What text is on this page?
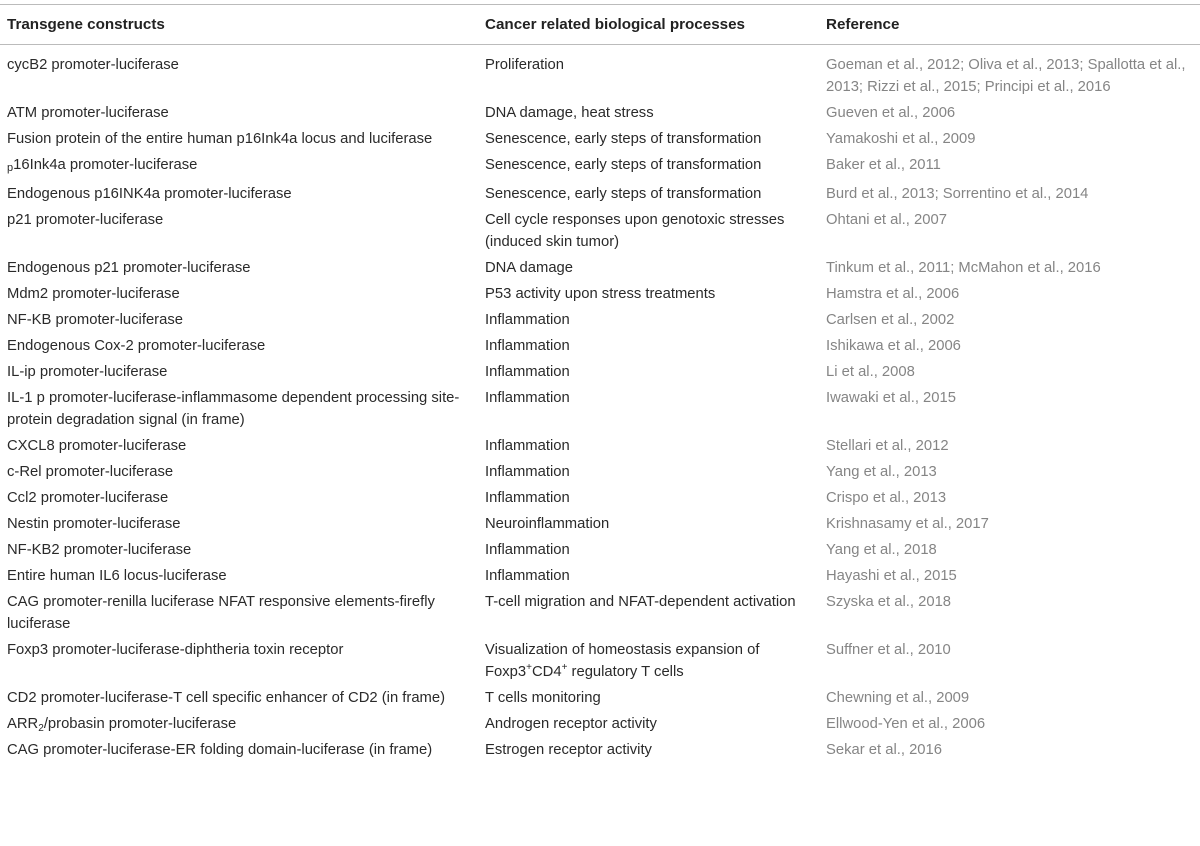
Transgene constructs	Cancer related biological processes	Reference
cycB2 promoter-luciferase	Proliferation	Goeman et al., 2012; Oliva et al., 2013; Spallotta et al., 2013; Rizzi et al., 2015; Principi et al., 2016
ATM promoter-luciferase	DNA damage, heat stress	Gueven et al., 2006
Fusion protein of the entire human p16Ink4a locus and luciferase	Senescence, early steps of transformation	Yamakoshi et al., 2009
p16Ink4a promoter-luciferase	Senescence, early steps of transformation	Baker et al., 2011
Endogenous p16INK4a promoter-luciferase	Senescence, early steps of transformation	Burd et al., 2013; Sorrentino et al., 2014
p21 promoter-luciferase	Cell cycle responses upon genotoxic stresses (induced skin tumor)	Ohtani et al., 2007
Endogenous p21 promoter-luciferase	DNA damage	Tinkum et al., 2011; McMahon et al., 2016
Mdm2 promoter-luciferase	P53 activity upon stress treatments	Hamstra et al., 2006
NF-KB promoter-luciferase	Inflammation	Carlsen et al., 2002
Endogenous Cox-2 promoter-luciferase	Inflammation	Ishikawa et al., 2006
IL-ip promoter-luciferase	Inflammation	Li et al., 2008
IL-1 p promoter-luciferase-inflammasome dependent processing site-protein degradation signal (in frame)	Inflammation	Iwawaki et al., 2015
CXCL8 promoter-luciferase	Inflammation	Stellari et al., 2012
c-Rel promoter-luciferase	Inflammation	Yang et al., 2013
Ccl2 promoter-luciferase	Inflammation	Crispo et al., 2013
Nestin promoter-luciferase	Neuroinflammation	Krishnasamy et al., 2017
NF-KB2 promoter-luciferase	Inflammation	Yang et al., 2018
Entire human IL6 locus-luciferase	Inflammation	Hayashi et al., 2015
CAG promoter-renilla luciferase NFAT responsive elements-firefly luciferase	T-cell migration and NFAT-dependent activation	Szyska et al., 2018
Foxp3 promoter-luciferase-diphtheria toxin receptor	Visualization of homeostasis expansion of Foxp3+CD4+ regulatory T cells	Suffner et al., 2010
CD2 promoter-luciferase-T cell specific enhancer of CD2 (in frame)	T cells monitoring	Chewning et al., 2009
$ARR_2$/probasin promoter-luciferase	Androgen receptor activity	Ellwood-Yen et al., 2006
CAG promoter-luciferase-ER folding domain-luciferase (in frame)	Estrogen receptor activity	Sekar et al., 2016
